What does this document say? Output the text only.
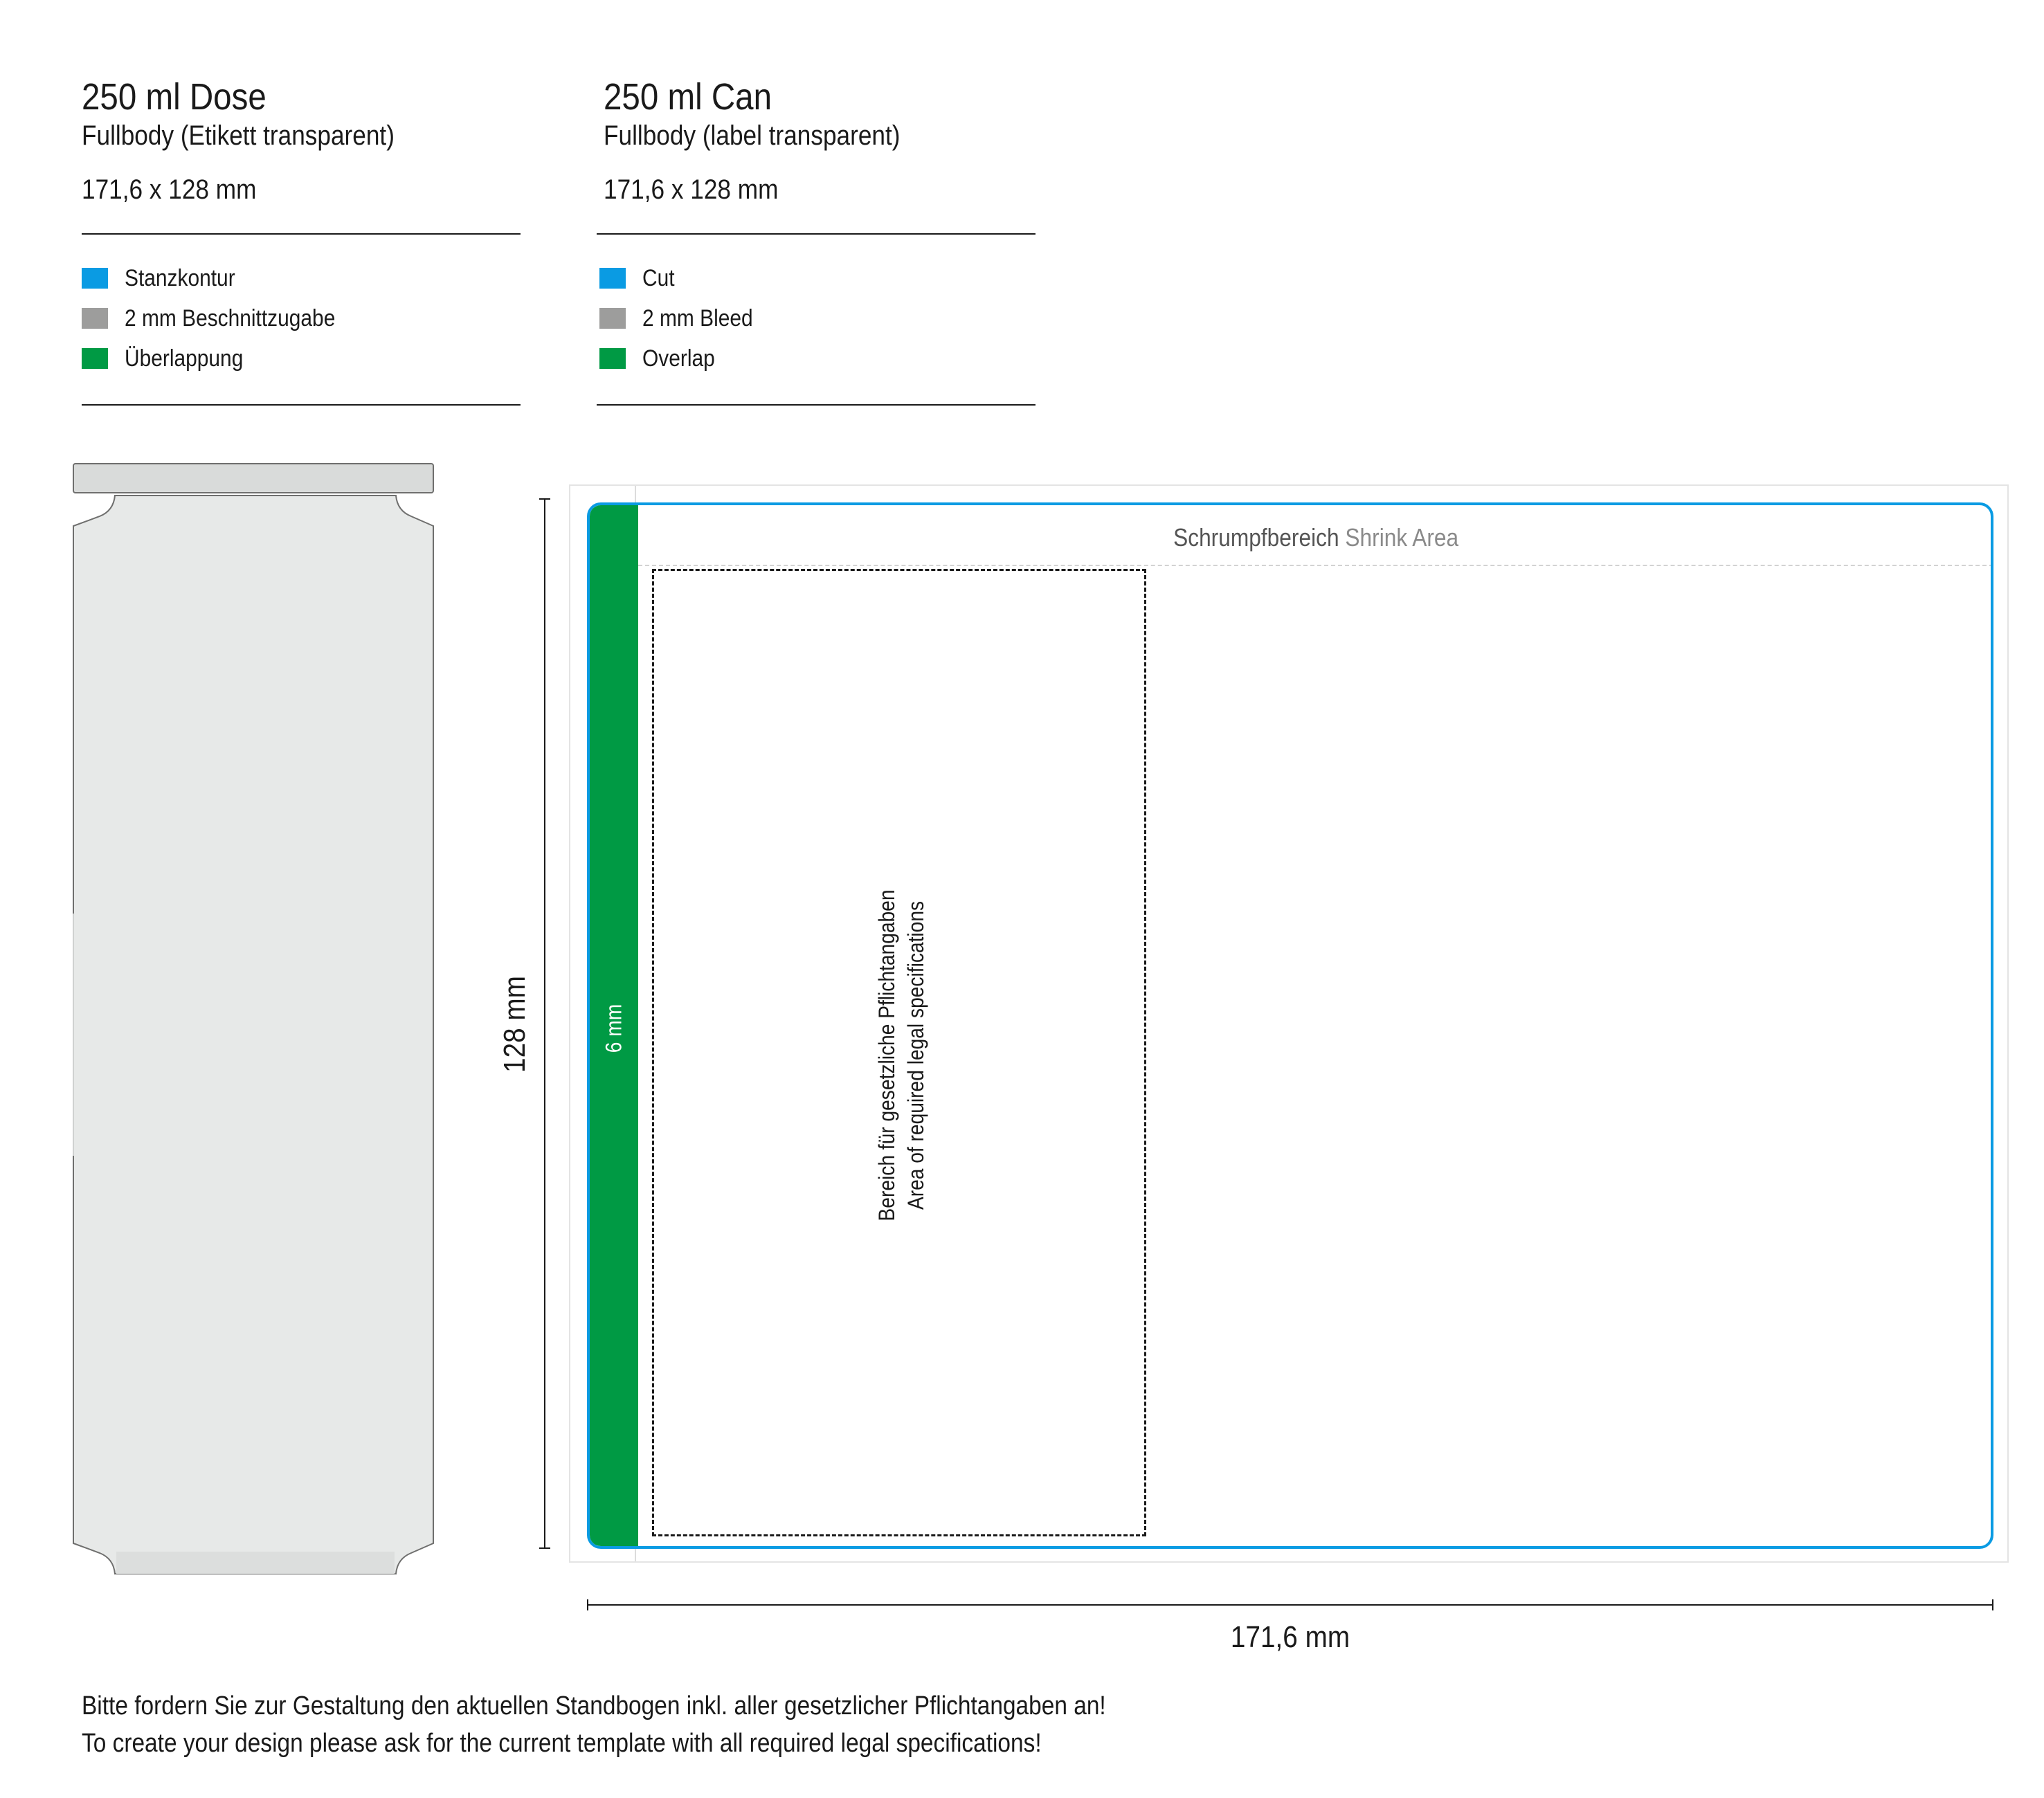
250 ml Dose
Fullbody (Etikett transparent)
171,6 x 128 mm
Stanzkontur
2 mm Beschnittzugabe
Überlappung
250 ml Can
Fullbody (label transparent)
171,6 x 128 mm
Cut
2 mm Bleed
Overlap
128 mm	6 mm
Schrumpfbereich Shrink Area
Bereich für gesetzliche Pflichtangaben Area of required legal specifications
171,6 mm
Bitte fordern Sie zur Gestaltung den aktuellen Standbogen inkl. aller gesetzlicher Pflichtangaben an!
To create your design please ask for the current template with all required legal specifications!
